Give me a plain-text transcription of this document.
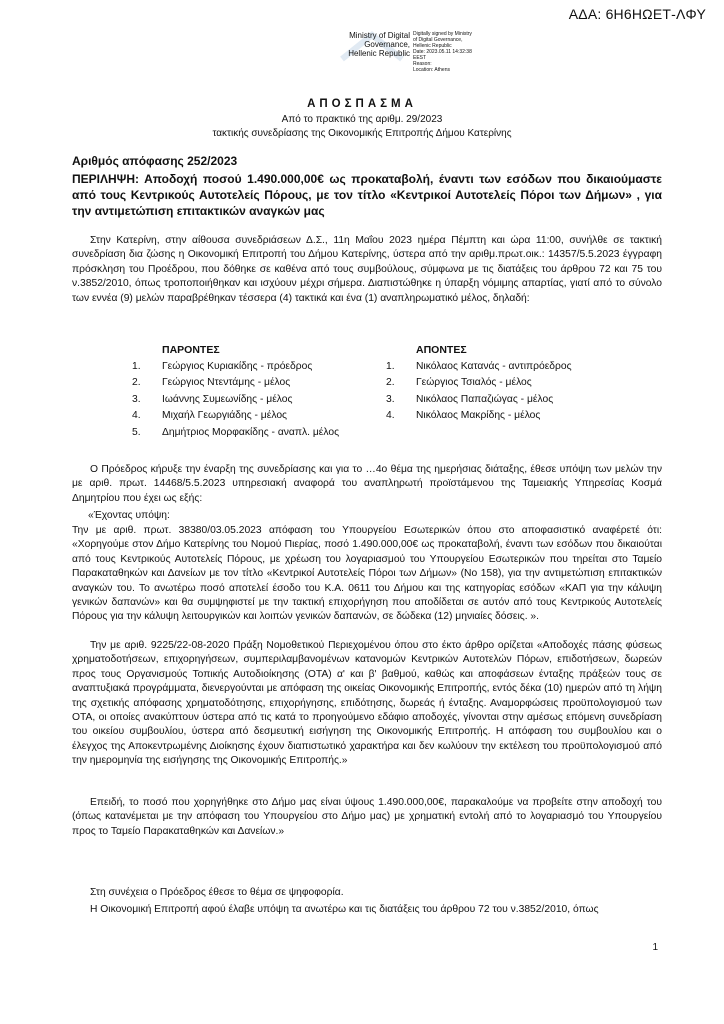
ΑΔΑ: 6Η6ΗΩΕΤ-ΛΦΥ
Ministry of Digital
Governance,
Hellenic Republic
Digitally signed by Ministry
of Digital Governance,
Hellenic Republic
Date: 2023.05.11 14:32:38
EEST
Reason:
Location: Athens
ΑΠΟΣΠΑΣΜΑ
Από το πρακτικό της αριθμ. 29/2023
τακτικής συνεδρίασης της Οικονομικής Επιτροπής Δήμου Κατερίνης
Αριθμός απόφασης 252/2023
ΠΕΡΙΛΗΨΗ: Αποδοχή ποσού 1.490.000,00€ ως προκαταβολή, έναντι των εσόδων που δικαιούμαστε από τους Κεντρικούς Αυτοτελείς Πόρους, με τον τίτλο «Κεντρικοί Αυτοτελείς Πόροι των Δήμων» , για την αντιμετώπιση επιτακτικών αναγκών μας
Στην Κατερίνη, στην αίθουσα συνεδριάσεων Δ.Σ., 11η Μαΐου 2023 ημέρα Πέμπτη και ώρα 11:00, συνήλθε σε τακτική συνεδρίαση δια ζώσης η Οικονομική Επιτροπή του Δήμου Κατερίνης, ύστερα από την αριθμ.πρωτ.οικ.: 14357/5.5.2023 έγγραφη πρόσκληση του Προέδρου, που δόθηκε σε καθένα από τους συμβούλους, σύμφωνα με τις διατάξεις του άρθρου 72 και 75 του ν.3852/2010, όπως τροποποιήθηκαν και ισχύουν μέχρι σήμερα. Διαπιστώθηκε η ύπαρξη νόμιμης απαρτίας, γιατί από το σύνολο των εννέα (9) μελών παραβρέθηκαν τέσσερα (4) τακτικά και ένα (1) αναπληρωματικό μέλος, δηλαδή:
ΠΑΡΟΝΤΕΣ
1. Γεώργιος Κυριακίδης - πρόεδρος
2. Γεώργιος Ντεντάμης - μέλος
3. Ιωάννης Συμεωνίδης - μέλος
4. Μιχαήλ Γεωργιάδης - μέλος
5. Δημήτριος Μορφακίδης - αναπλ. μέλος
ΑΠΟΝΤΕΣ
1. Νικόλαος Κατανάς - αντιπρόεδρος
2. Γεώργιος Τσιαλός - μέλος
3. Νικόλαος Παπαζιώγας - μέλος
4. Νικόλαος Μακρίδης - μέλος
Ο Πρόεδρος κήρυξε την έναρξη της συνεδρίασης και για το …4ο θέμα της ημερήσιας διάταξης, έθεσε υπόψη των μελών την με αριθ. πρωτ. 14468/5.5.2023 υπηρεσιακή αναφορά του αναπληρωτή προϊστάμενου της Ταμειακής Υπηρεσίας Κοσμά Δημητρίου που έχει ως εξής:
«Έχοντας υπόψη:
Την με αριθ. πρωτ. 38380/03.05.2023 απόφαση του Υπουργείου Εσωτερικών όπου στο αποφασιστικό αναφέρετέ ότι: «Χορηγούμε στον Δήμο Κατερίνης του Νομού Πιερίας, ποσό 1.490.000,00€ ως προκαταβολή, έναντι των εσόδων που δικαιούται από τους Κεντρικούς Αυτοτελείς Πόρους, με χρέωση του λογαριασμού του Υπουργείου Εσωτερικών που τηρείται στο Ταμείο Παρακαταθηκών και Δανείων με τον τίτλο «Κεντρικοί Αυτοτελείς Πόροι των Δήμων» (Νο 158), για την αντιμετώπιση επιτακτικών αναγκών του. Το ανωτέρω ποσό αποτελεί έσοδο του Κ.Α. 0611 του Δήμου και της κατηγορίας εσόδων «ΚΑΠ για την κάλυψη γενικών δαπανών» και θα συμψηφιστεί με την τακτική επιχορήγηση που αποδίδεται σε αυτόν από τους Κεντρικούς Αυτοτελείς Πόρους για την κάλυψη λειτουργικών και λοιπών γενικών δαπανών, σε δώδεκα (12) μηνιαίες δόσεις. ».
Την με αριθ. 9225/22-08-2020 Πράξη Νομοθετικού Περιεχομένου όπου στο έκτο άρθρο ορίζεται «Αποδοχές πάσης φύσεως χρηματοδοτήσεων, επιχορηγήσεων, συμπεριλαμβανομένων κατανομών Κεντρικών Αυτοτελών Πόρων, επιδοτήσεων, δωρεών προς τους Οργανισμούς Τοπικής Αυτοδιοίκησης (ΟΤΑ) α' και β' βαθμού, καθώς και αποφάσεων ένταξης πράξεών τους σε αναπτυξιακά προγράμματα, διενεργούνται με απόφαση της οικείας Οικονομικής Επιτροπής, εντός δέκα (10) ημερών από τη λήψη της σχετικής απόφασης χρηματοδότησης, επιχορήγησης, επιδότησης, δωρεάς ή ένταξης. Αναμορφώσεις προϋπολογισμού των ΟΤΑ, οι οποίες ανακύπτουν ύστερα από τις κατά το προηγούμενο εδάφιο αποδοχές, γίνονται στην αμέσως επόμενη συνεδρίαση του οικείου συμβουλίου, ύστερα από δεσμευτική εισήγηση της Οικονομικής Επιτροπής. Η απόφαση του συμβουλίου και ο έλεγχος της Αποκεντρωμένης Διοίκησης έχουν διαπιστωτικό χαρακτήρα και δεν κωλύουν την εκτέλεση του προϋπολογισμού από την ημερομηνία της εισήγησης της Οικονομικής Επιτροπής.»
Επειδή, το ποσό που χορηγήθηκε στο Δήμο μας είναι ύψους 1.490.000,00€, παρακαλούμε να προβείτε στην αποδοχή του (όπως κατανέμεται με την απόφαση του Υπουργείου στο Δήμο μας) με χρηματική εντολή από το λογαριασμό του Υπουργείου προς το Ταμείο Παρακαταθηκών και Δανείων.»
Στη συνέχεια ο Πρόεδρος έθεσε το θέμα σε ψηφοφορία.
Η Οικονομική Επιτροπή αφού έλαβε υπόψη τα ανωτέρω και τις διατάξεις του άρθρου 72 του ν.3852/2010, όπως
1
